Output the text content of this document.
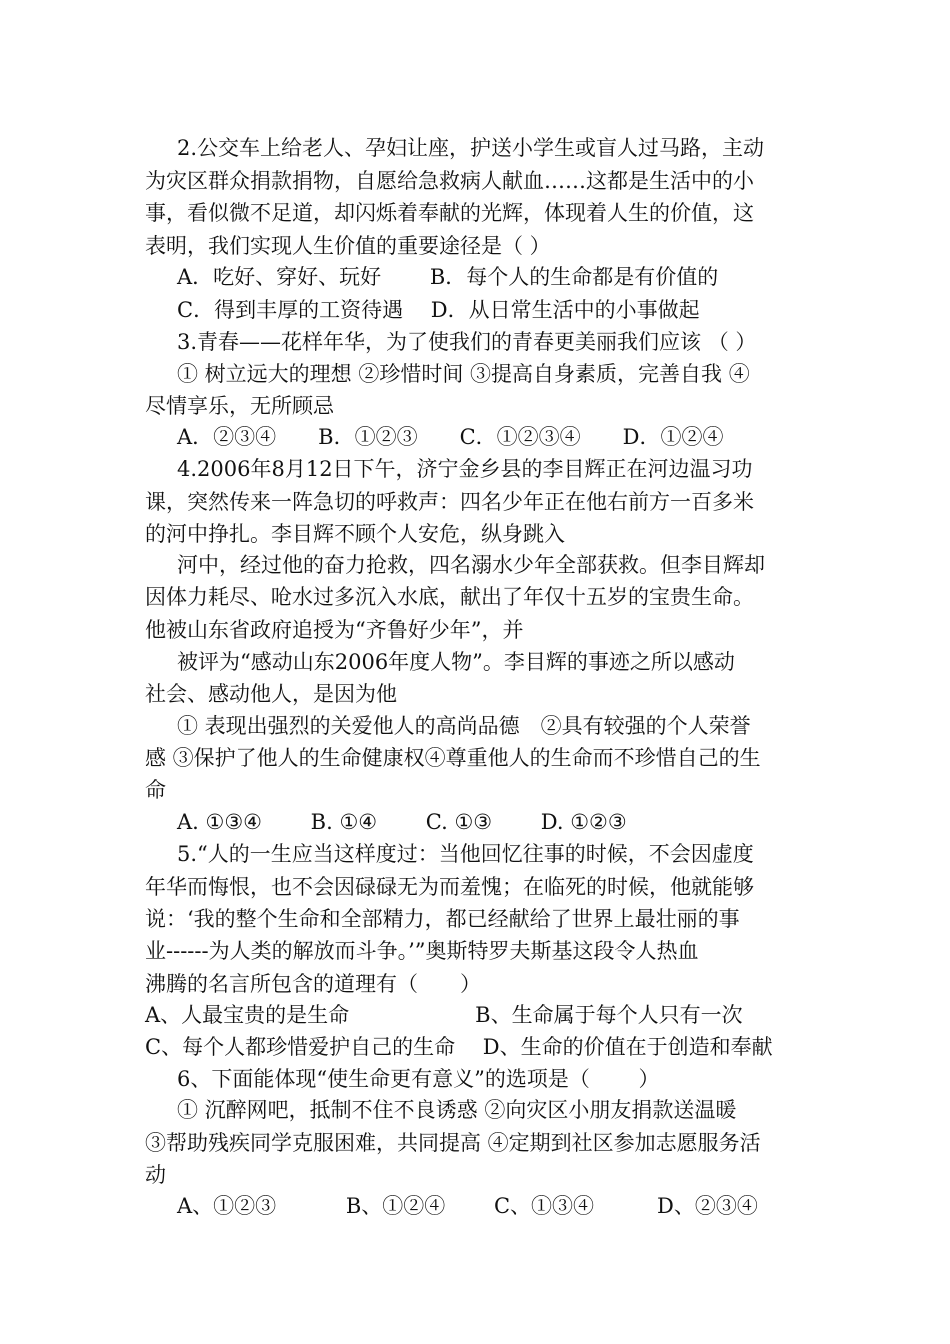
2.公交车上给老人、孕妇让座，护送小学生或盲人过马路，主动
为灾区群众捐款捐物，自愿给急救病人献血……这都是生活中的小
事，看似微不足道，却闪烁着奉献的光辉，体现着人生的价值，这
表明，我们实现人生价值的重要途径是（ ）
A．吃好、穿好、玩好　　 B．每个人的生命都是有价值的
C．得到丰厚的工资待遇　 D．从日常生活中的小事做起
3.青春——花样年华，为了使我们的青春更美丽我们应该 （ ）
① 树立远大的理想 ②珍惜时间 ③提高自身素质，完善自我 ④
尽情享乐，无所顾忌
A．②③④　　B．①②③　　C．①②③④　　D．①②④
4.2006年8月12日下午，济宁金乡县的李目辉正在河边温习功
课，突然传来一阵急切的呼救声：四名少年正在他右前方一百多米
的河中挣扎。李目辉不顾个人安危，纵身跳入
河中，经过他的奋力抢救，四名溺水少年全部获救。但李目辉却
因体力耗尽、呛水过多沉入水底，献出了年仅十五岁的宝贵生命。
他被山东省政府追授为“齐鲁好少年”，并
被评为“感动山东2006年度人物”。李目辉的事迹之所以感动
社会、感动他人，是因为他
① 表现出强烈的关爱他人的高尚品德　②具有较强的个人荣誉
感 ③保护了他人的生命健康权④尊重他人的生命而不珍惜自己的生
命
A. ①③④　　 B. ①④　　 C. ①③　　 D. ①②③
5.“人的一生应当这样度过：当他回忆往事的时候，不会因虚度
年华而悔恨，也不会因碌碌无为而羞愧；在临死的时候，他就能够
说：‘我的整个生命和全部精力，都已经献给了世界上最壮丽的事
业------为人类的解放而斗争。’”奥斯特罗夫斯基这段令人热血
沸腾的名言所包含的道理有（　　）
A、人最宝贵的是生命　　　　　　B、生命属于每个人只有一次
C、每个人都珍惜爱护自己的生命　 D、生命的价值在于创造和奉献
6、下面能体现“使生命更有意义”的选项是（　　 ）
① 沉醉网吧，抵制不住不良诱惑 ②向灾区小朋友捐款送温暖
③帮助残疾同学克服困难，共同提高 ④定期到社区参加志愿服务活
动
A、①②③　　　 B、①②④　　 C、①③④　　　D、②③④
